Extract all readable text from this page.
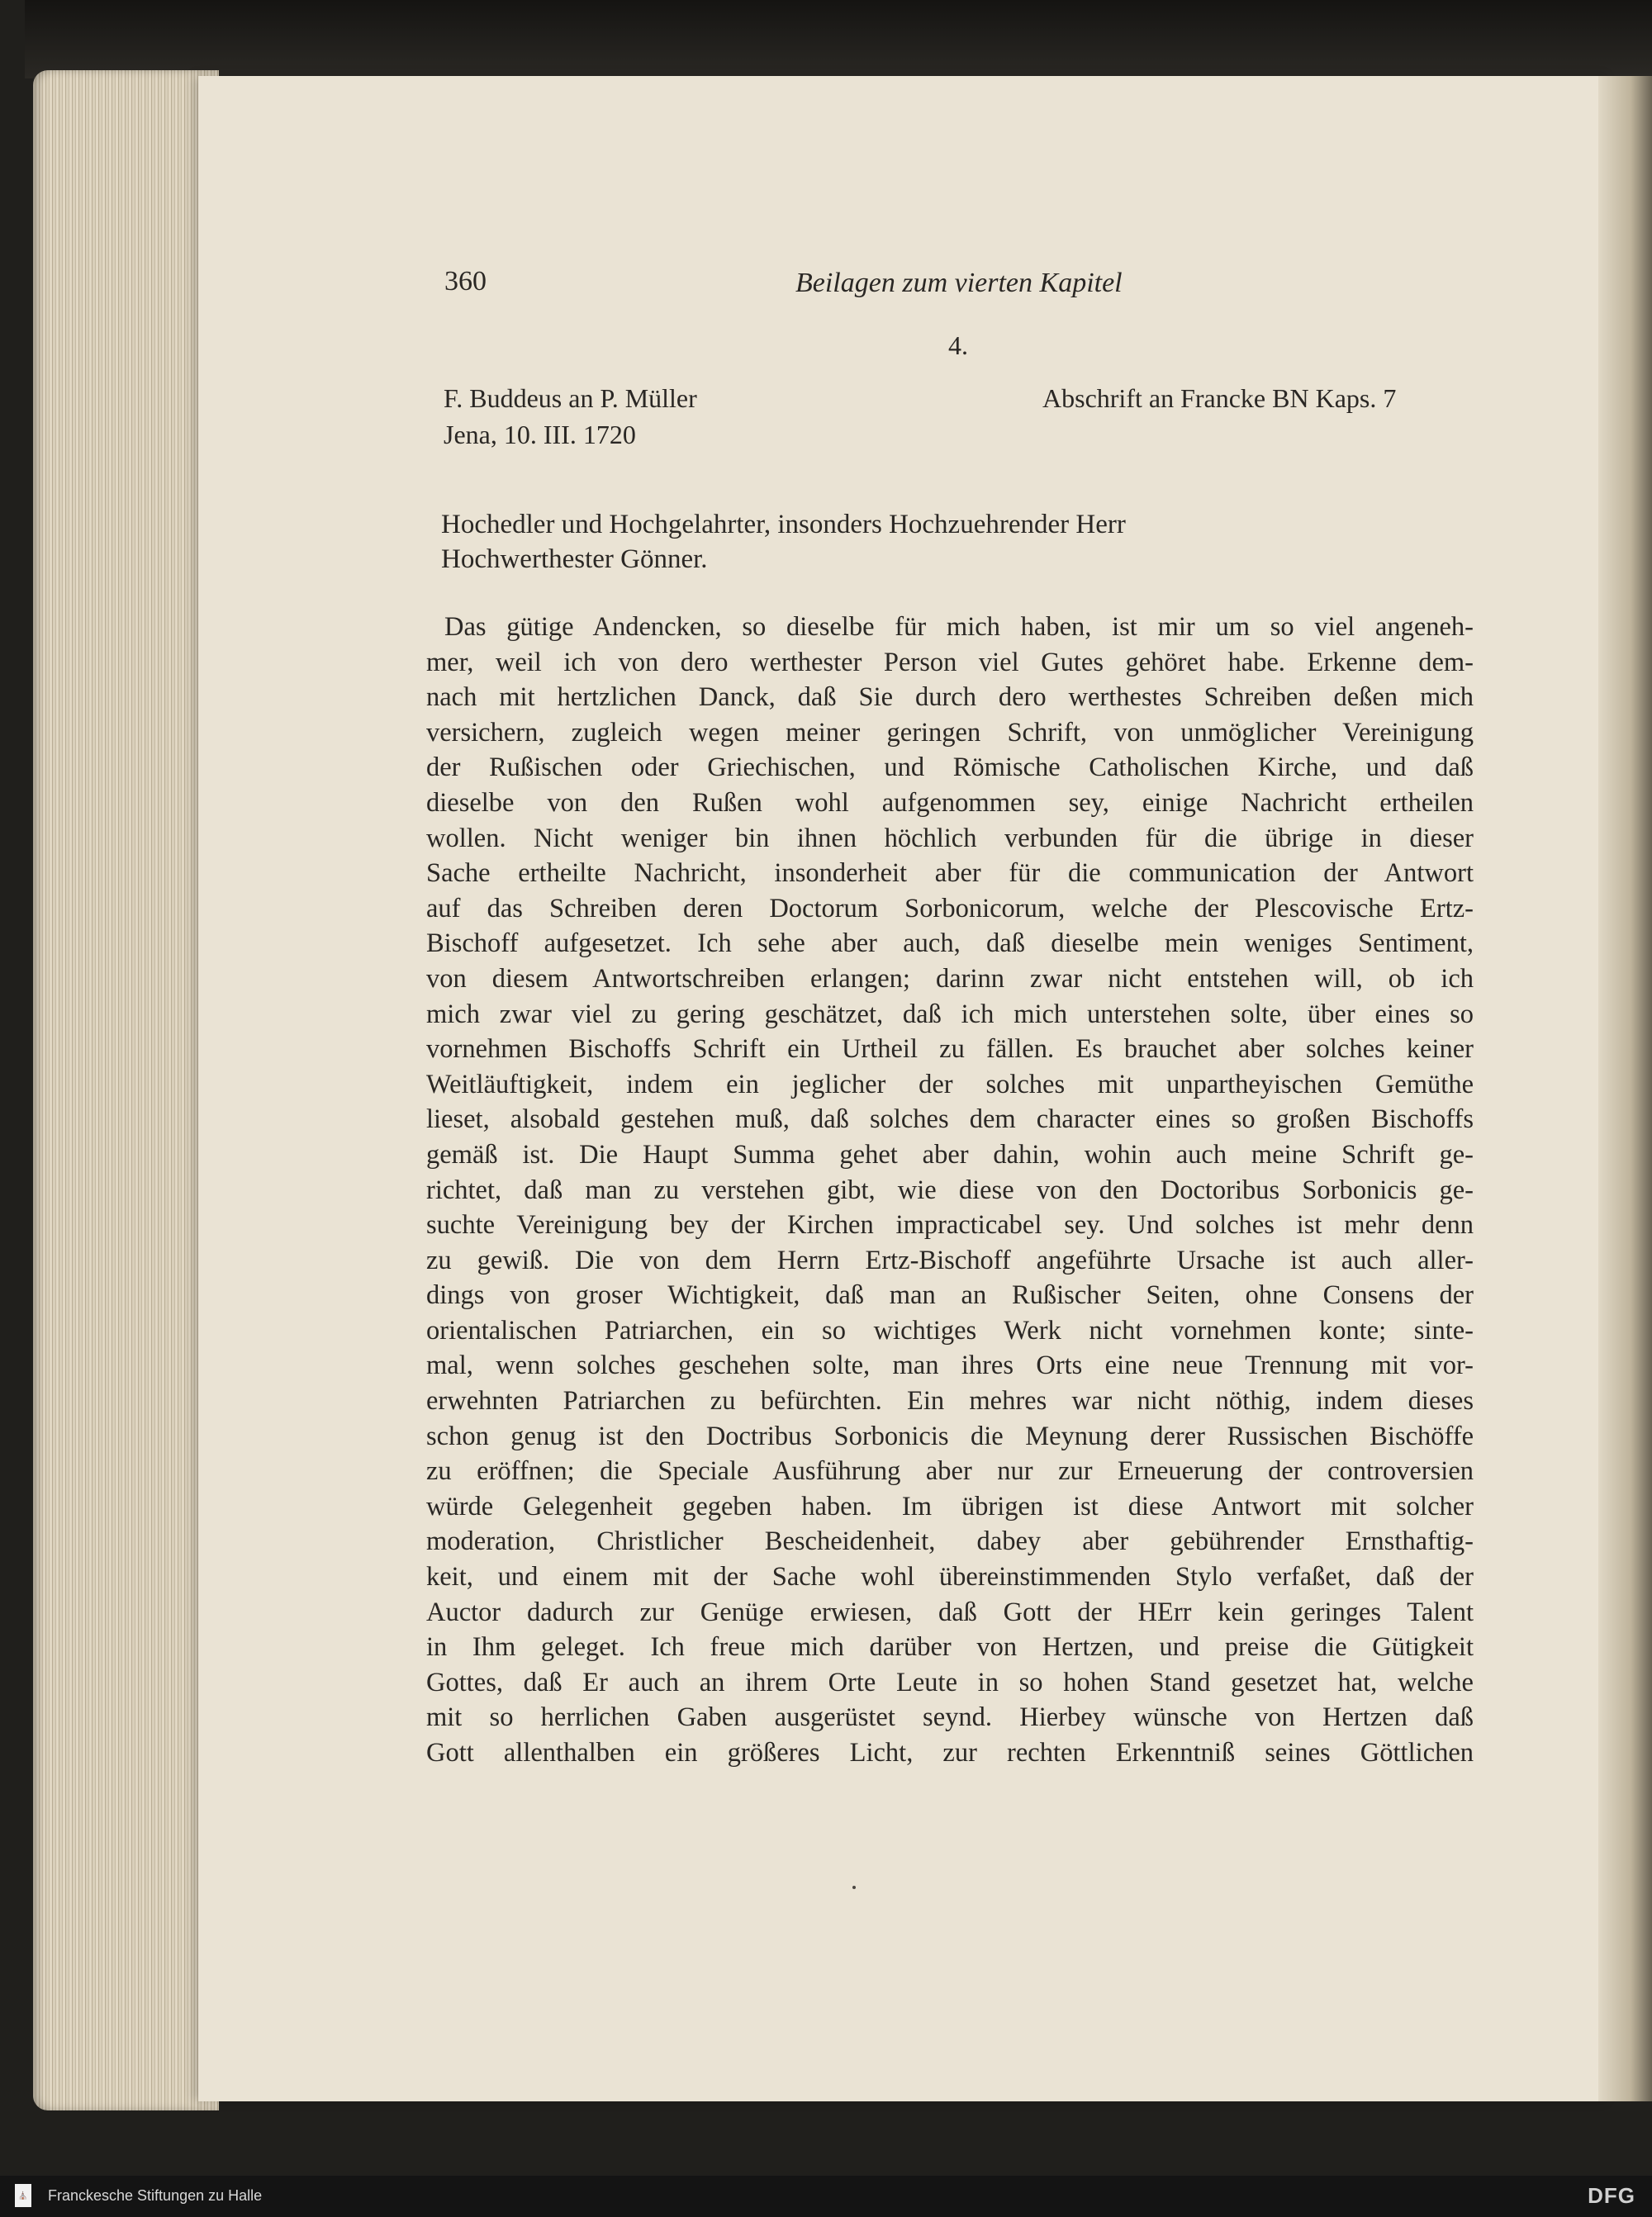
360	Beilagen zum vierten Kapitel
4.
F. Buddeus an P. Müller
Jena, 10. III. 1720
Abschrift an Francke BN Kaps. 7
Hochedler und Hochgelahrter, insonders Hochzuehrender Herr
Hochwerthester Gönner.
Das gütige Andencken, so dieselbe für mich haben, ist mir um so viel angeneh-
mer, weil ich von dero werthester Person viel Gutes gehöret habe. Erkenne dem-
nach mit hertzlichen Danck, daß Sie durch dero werthestes Schreiben deßen mich
versichern, zugleich wegen meiner geringen Schrift, von unmöglicher Vereinigung
der Rußischen oder Griechischen, und Römische Catholischen Kirche, und daß
dieselbe von den Rußen wohl aufgenommen sey, einige Nachricht ertheilen
wollen. Nicht weniger bin ihnen höchlich verbunden für die übrige in dieser
Sache ertheilte Nachricht, insonderheit aber für die communication der Antwort
auf das Schreiben deren Doctorum Sorbonicorum, welche der Plescovische Ertz-
Bischoff aufgesetzet. Ich sehe aber auch, daß dieselbe mein weniges Sentiment,
von diesem Antwortschreiben erlangen; darinn zwar nicht entstehen will, ob ich
mich zwar viel zu gering geschätzet, daß ich mich unterstehen solte, über eines so
vornehmen Bischoffs Schrift ein Urtheil zu fällen. Es brauchet aber solches keiner
Weitläuftigkeit, indem ein jeglicher der solches mit unpartheyischen Gemüthe
lieset, alsobald gestehen muß, daß solches dem character eines so großen Bischoffs
gemäß ist. Die Haupt Summa gehet aber dahin, wohin auch meine Schrift ge-
richtet, daß man zu verstehen gibt, wie diese von den Doctoribus Sorbonicis ge-
suchte Vereinigung bey der Kirchen impracticabel sey. Und solches ist mehr denn
zu gewiß. Die von dem Herrn Ertz-Bischoff angeführte Ursache ist auch aller-
dings von groser Wichtigkeit, daß man an Rußischer Seiten, ohne Consens der
orientalischen Patriarchen, ein so wichtiges Werk nicht vornehmen konte; sinte-
mal, wenn solches geschehen solte, man ihres Orts eine neue Trennung mit vor-
erwehnten Patriarchen zu befürchten. Ein mehres war nicht nöthig, indem dieses
schon genug ist den Doctribus Sorbonicis die Meynung derer Russischen Bischöffe
zu eröffnen; die Speciale Ausführung aber nur zur Erneuerung der controversien
würde Gelegenheit gegeben haben. Im übrigen ist diese Antwort mit solcher
moderation, Christlicher Bescheidenheit, dabey aber gebührender Ernsthaftig-
keit, und einem mit der Sache wohl übereinstimmenden Stylo verfaßet, daß der
Auctor dadurch zur Genüge erwiesen, daß Gott der HErr kein geringes Talent
in Ihm geleget. Ich freue mich darüber von Hertzen, und preise die Gütigkeit
Gottes, daß Er auch an ihrem Orte Leute in so hohen Stand gesetzet hat, welche
mit so herrlichen Gaben ausgerüstet seynd. Hierbey wünsche von Hertzen daß
Gott allenthalben ein größeres Licht, zur rechten Erkenntniß seines Göttlichen
⛪ Franckesche Stiftungen zu Halle	DFG
